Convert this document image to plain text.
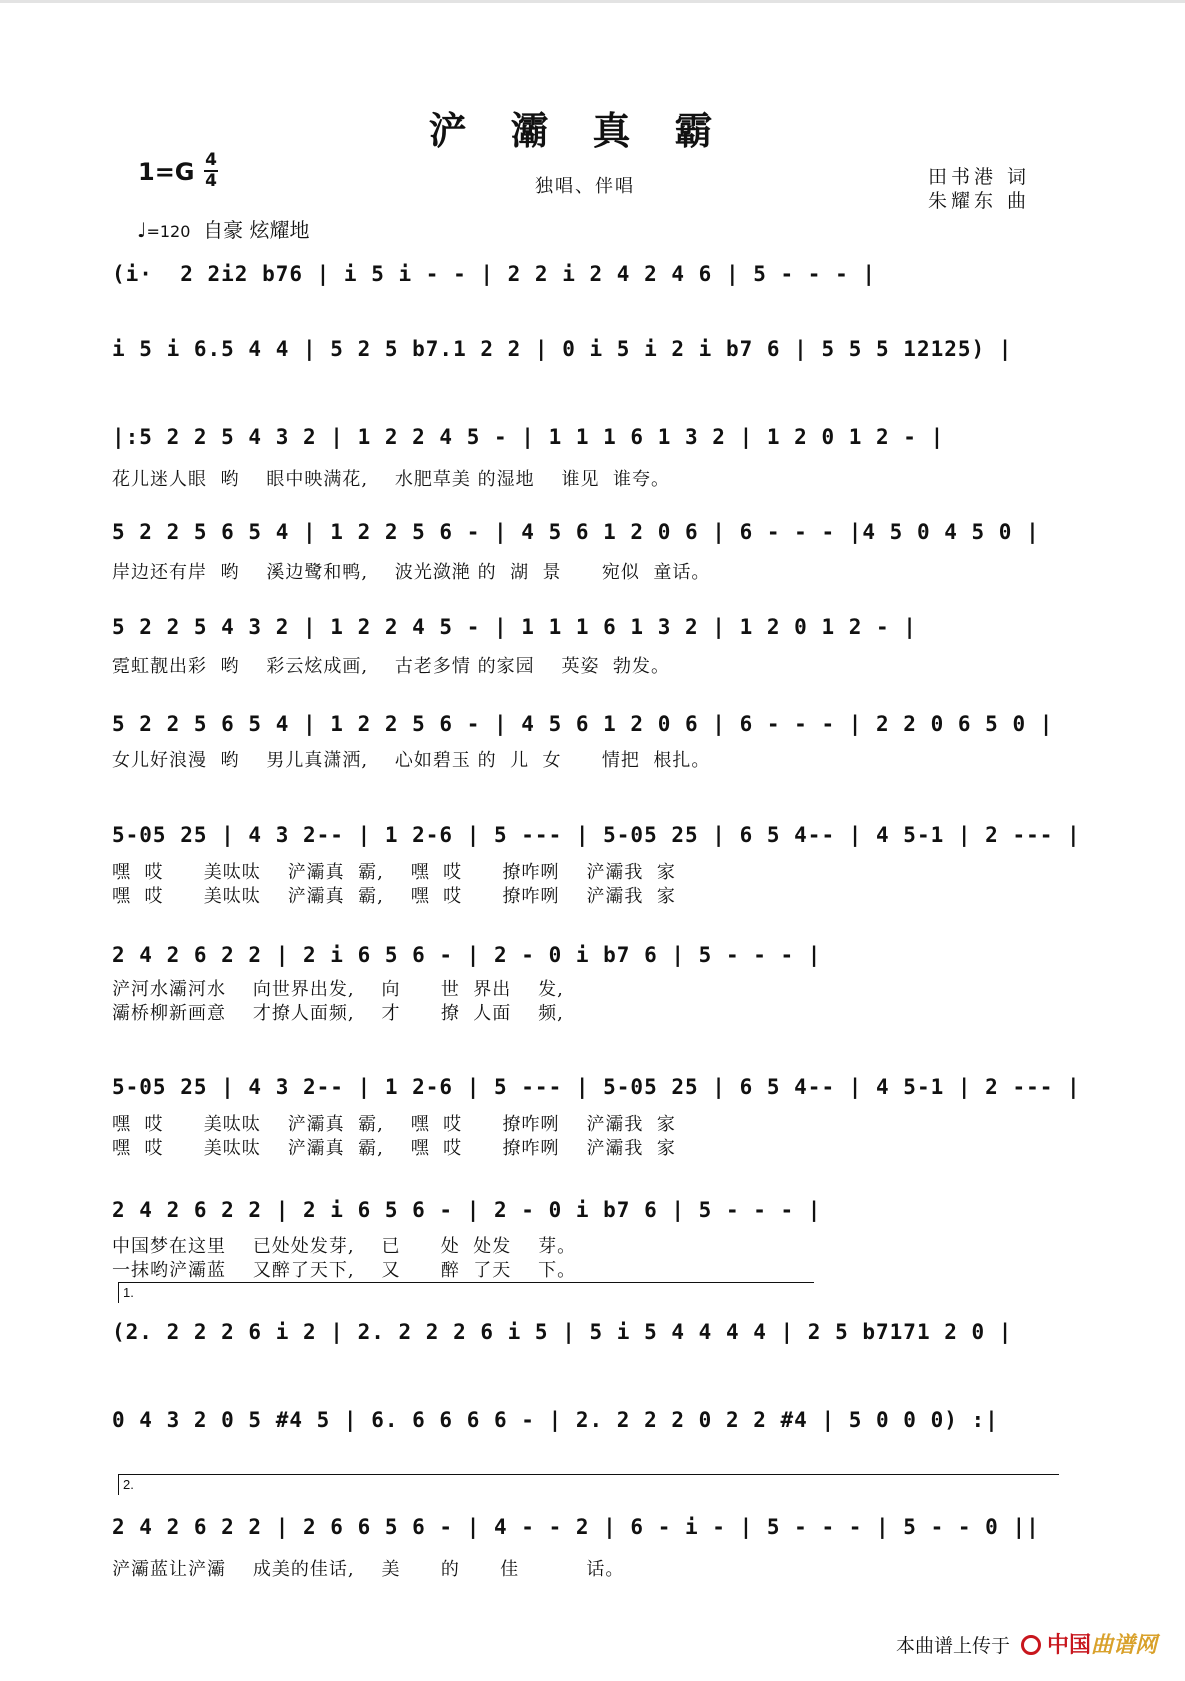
浐灞真霸
1=G 4
4	独唱、伴唱	田书港 词
朱耀东 曲
♩=120 自豪 炫耀地
(i·  2 2i2 b76 | i 5 i - - | 2 2 i 2 4 2 4 6 | 5 - - - |
i 5 i 6.5 4 4 | 5 2 5 b7.1 2 2 | 0 i 5 i 2 i b7 6 | 5 5 5 12125) |
|:5 2 2 5 4 3 2 | 1 2 2 4 5 - | 1 1 1 6 1 3 2 | 1 2 0 1 2 - |
花儿迷人眼  哟    眼中映满花,    水肥草美 的湿地    谁见  谁夸。
5 2 2 5 6 5 4 | 1 2 2 5 6 - | 4 5 6 1 2 0 6 | 6 - - - |4 5 0 4 5 0 |
岸边还有岸  哟    溪边鹭和鸭,    波光潋滟 的  湖  景      宛似  童话。
5 2 2 5 4 3 2 | 1 2 2 4 5 - | 1 1 1 6 1 3 2 | 1 2 0 1 2 - |
霓虹靓出彩  哟    彩云炫成画,    古老多情 的家园    英姿  勃发。
5 2 2 5 6 5 4 | 1 2 2 5 6 - | 4 5 6 1 2 0 6 | 6 - - - | 2 2 0 6 5 0 |
女儿好浪漫  哟    男儿真潇洒,    心如碧玉 的  儿  女      情把  根扎。
5-05 25 | 4 3 2-- | 1 2-6 | 5 --- | 5-05 25 | 6 5 4-- | 4 5-1 | 2 --- |
嘿  哎      美呔呔    浐灞真  霸,    嘿  哎      撩咋咧    浐灞我  家
嘿  哎      美呔呔    浐灞真  霸,    嘿  哎      撩咋咧    浐灞我  家
2 4 2 6 2 2 | 2 i 6 5 6 - | 2 - 0 i b7 6 | 5 - - - |
浐河水灞河水    向世界出发,    向      世  界出    发,
灞桥柳新画意    才撩人面频,    才      撩  人面    频,
5-05 25 | 4 3 2-- | 1 2-6 | 5 --- | 5-05 25 | 6 5 4-- | 4 5-1 | 2 --- |
嘿  哎      美呔呔    浐灞真  霸,    嘿  哎      撩咋咧    浐灞我  家
嘿  哎      美呔呔    浐灞真  霸,    嘿  哎      撩咋咧    浐灞我  家
2 4 2 6 2 2 | 2 i 6 5 6 - | 2 - 0 i b7 6 | 5 - - - |
中国梦在这里    已处处发芽,    已      处  处发    芽。
一抹哟浐灞蓝    又醉了天下,    又      醉  了天    下。
(2. 2 2 2 6 i 2 | 2. 2 2 2 6 i 5 | 5 i 5 4 4 4 4 | 2 5 b7171 2 0 |
0 4 3 2 0 5 #4 5 | 6. 6 6 6 6 - | 2. 2 2 2 0 2 2 #4 | 5 0 0 0) :|
2 4 2 6 2 2 | 2 6 6 5 6 - | 4 - - 2 | 6 - i - | 5 - - - | 5 - - 0 ||
浐灞蓝让浐灞    成美的佳话,    美      的      佳          话。
1.
2.
本曲谱上传于 中国曲谱网
